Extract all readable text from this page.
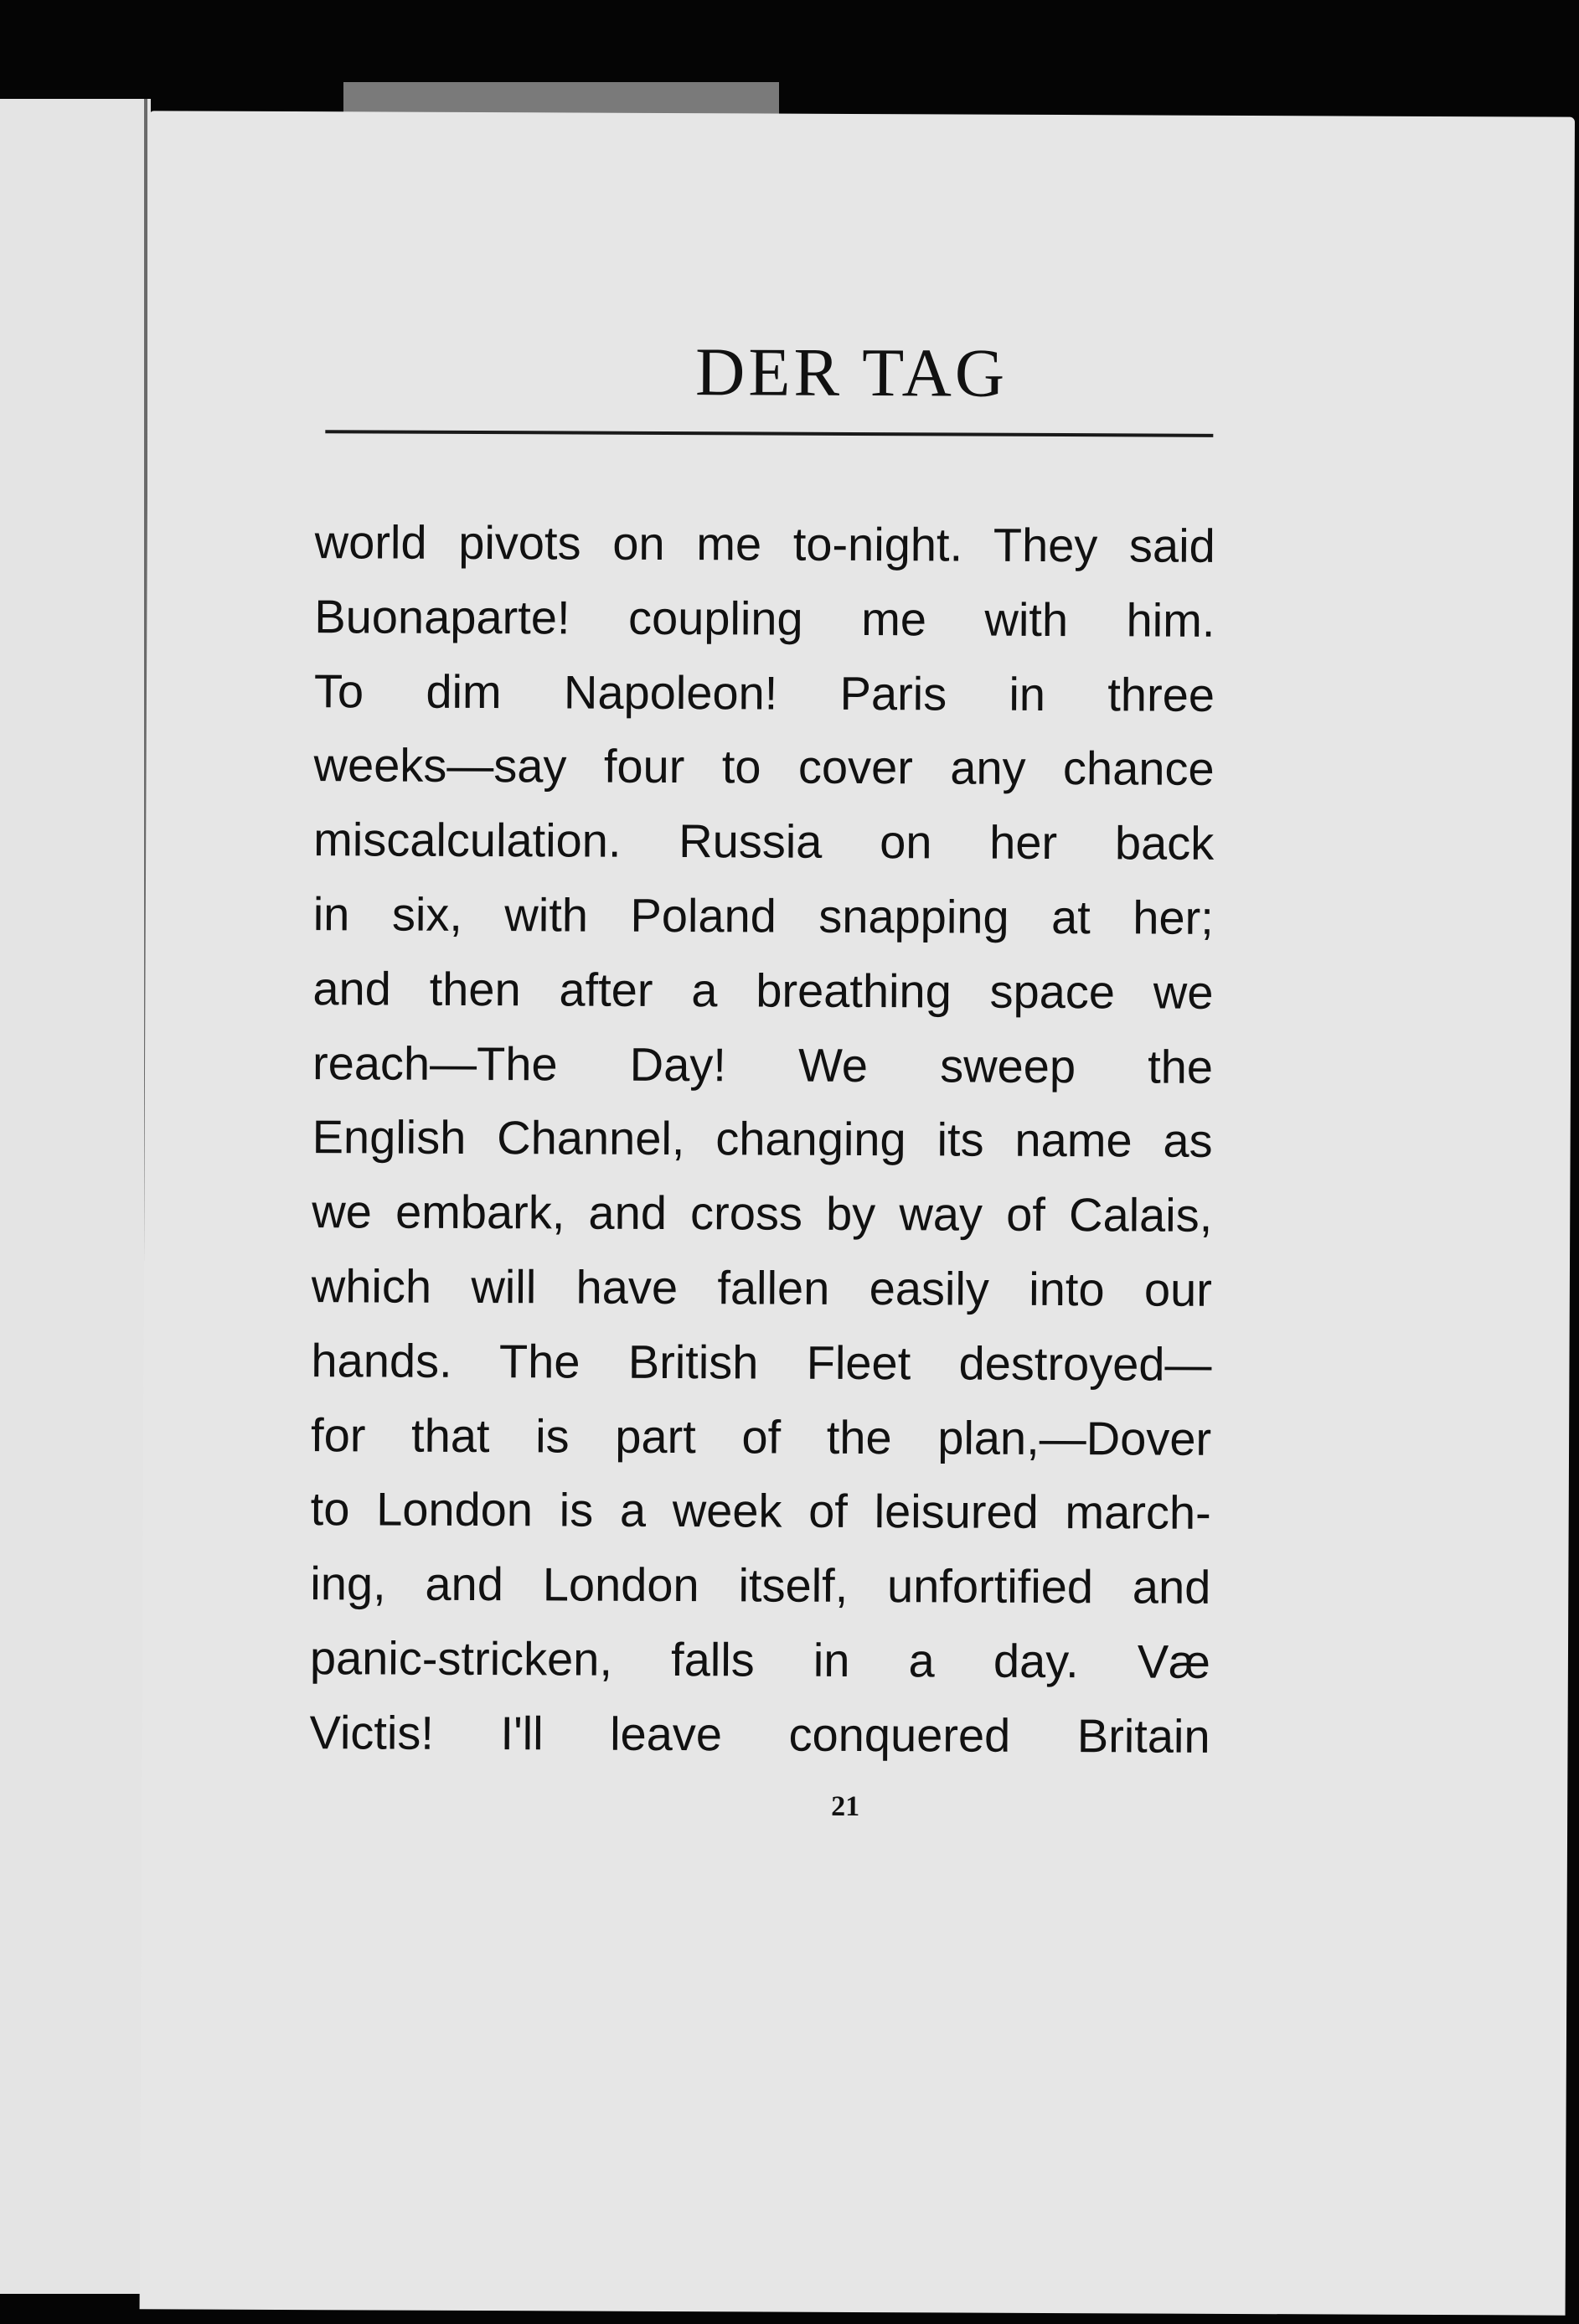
DER TAG
world pivots on me to-night. They said
Buonaparte! coupling me with him.
To dim Napoleon! Paris in three
weeks—say four to cover any chance
miscalculation. Russia on her back
in six, with Poland snapping at her;
and then after a breathing space we
reach—The Day! We sweep the
English Channel, changing its name as
we embark, and cross by way of Calais,
which will have fallen easily into our
hands. The British Fleet destroyed—
for that is part of the plan,—Dover
to London is a week of leisured march-
ing, and London itself, unfortified and
panic-stricken, falls in a day. Væ
Victis! I'll leave conquered Britain
21
